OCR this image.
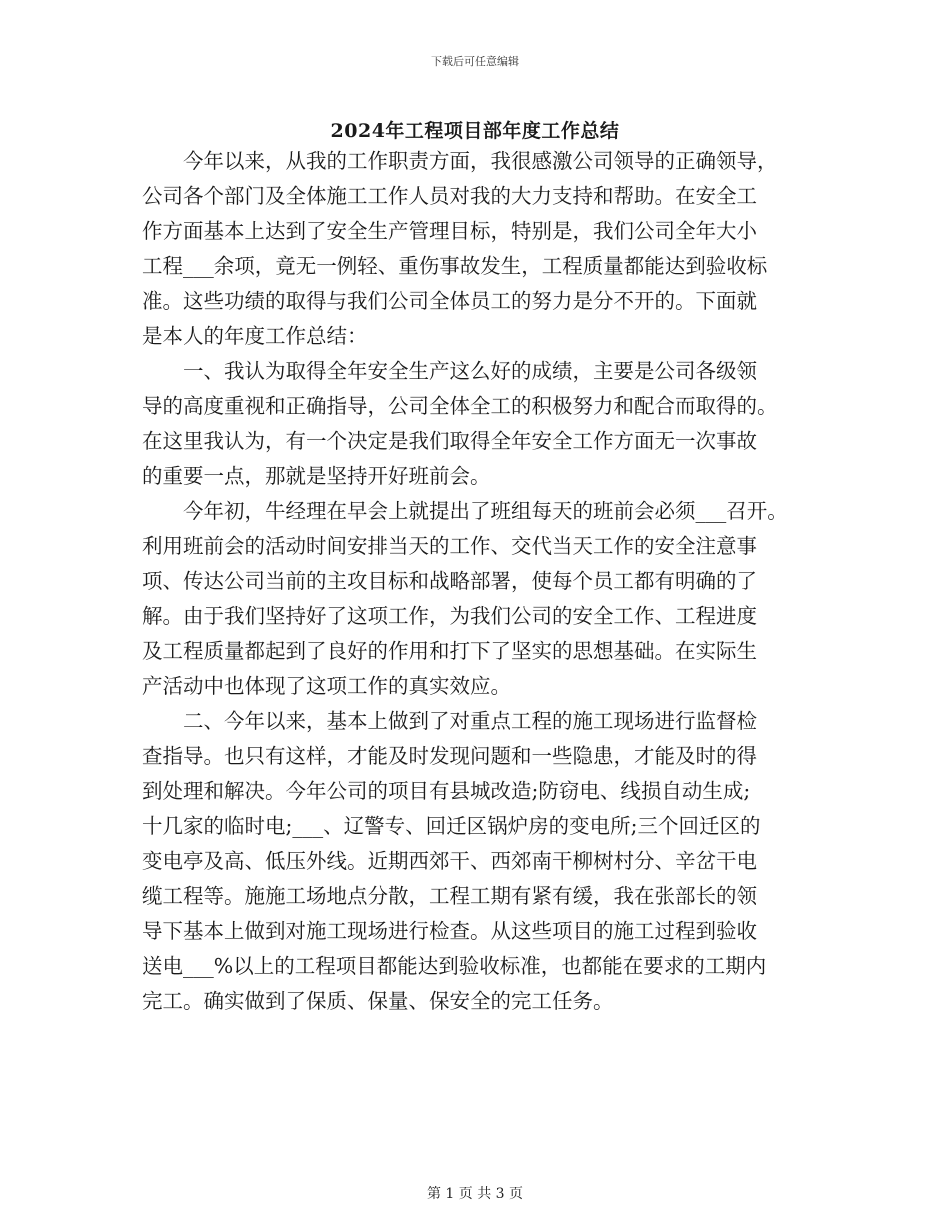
下载后可任意编辑
2024年工程项目部年度工作总结
今年以来，从我的工作职责方面，我很感激公司领导的正确领导，
公司各个部门及全体施工工作人员对我的大力支持和帮助。在安全工
作方面基本上达到了安全生产管理目标，特别是，我们公司全年大小
工程___余项，竟无一例轻、重伤事故发生，工程质量都能达到验收标
准。这些功绩的取得与我们公司全体员工的努力是分不开的。下面就
是本人的年度工作总结：
一、我认为取得全年安全生产这么好的成绩，主要是公司各级领
导的高度重视和正确指导，公司全体全工的积极努力和配合而取得的。
在这里我认为，有一个决定是我们取得全年安全工作方面无一次事故
的重要一点，那就是坚持开好班前会。
今年初，牛经理在早会上就提出了班组每天的班前会必须___召开。
利用班前会的活动时间安排当天的工作、交代当天工作的安全注意事
项、传达公司当前的主攻目标和战略部署，使每个员工都有明确的了
解。由于我们坚持好了这项工作，为我们公司的安全工作、工程进度
及工程质量都起到了良好的作用和打下了坚实的思想基础。在实际生
产活动中也体现了这项工作的真实效应。
二、今年以来，基本上做到了对重点工程的施工现场进行监督检
查指导。也只有这样，才能及时发现问题和一些隐患，才能及时的得
到处理和解决。今年公司的项目有县城改造;防窃电、线损自动生成;
十几家的临时电;___、辽警专、回迁区锅炉房的变电所;三个回迁区的
变电亭及高、低压外线。近期西郊干、西郊南干柳树村分、辛岔干电
缆工程等。施施工场地点分散，工程工期有紧有缓，我在张部长的领
导下基本上做到对施工现场进行检查。从这些项目的施工过程到验收
送电___%以上的工程项目都能达到验收标准，也都能在要求的工期内
完工。确实做到了保质、保量、保安全的完工任务。
第 1 页 共 3 页
